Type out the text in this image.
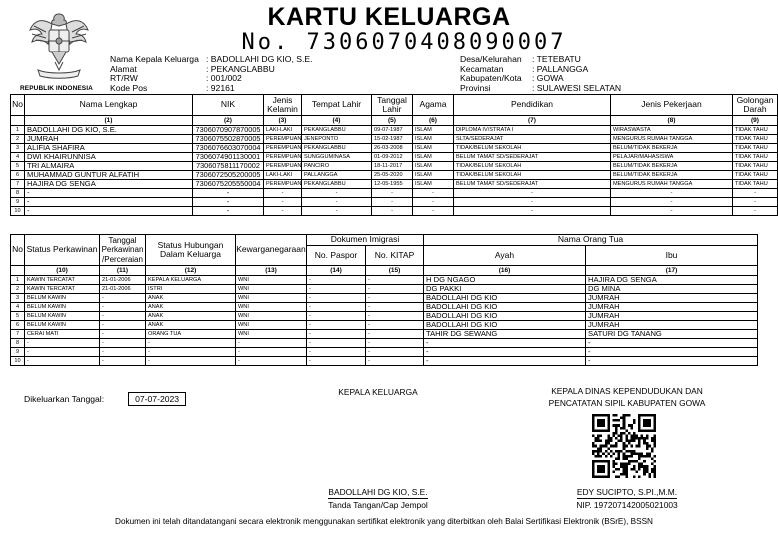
REPUBLIK INDONESIA
KARTU KELUARGA
No. 7306070408090007
Nama Kepala Keluarga : BADOLLAHI DG KIO, S.E.
Alamat	: PEKANGLABBU
RT/RW	: 001/002
Kode Pos	: 92161
Desa/Kelurahan	: TETEBATU
Kecamatan	: PALLANGGA
Kabupaten/Kota	: GOWA
Provinsi	: SULAWESI SELATAN
No	Nama Lengkap	NIK	Jenis Kelamin	Tempat Lahir	Tanggal Lahir	Agama	Pendidikan	Jenis Pekerjaan	Golongan Darah
	(1)	(2)	(3)	(4)	(5)	(6)	(7)	(8)	(9)
1	BADOLLAHI DG KIO, S.E.	7306070907870005	LAKI-LAKI	PEKANGLABBU	09-07-1987	ISLAM	DIPLOMA IV/STRATA I	WIRASWASTA	TIDAK TAHU
2	JUMRAH	7306075502870005	PEREMPUAN	JENEPONTO	15-02-1987	ISLAM	SLTA/SEDERAJAT	MENGURUS RUMAH TANGGA	TIDAK TAHU
3	ALIFIA SHAFIRA	7306076603070004	PEREMPUAN	PEKANGLABBU	26-03-2008	ISLAM	TIDAK/BELUM SEKOLAH	BELUM/TIDAK BEKERJA	TIDAK TAHU
4	DWI KHAIRUNNISA	7306074901130001	PEREMPUAN	SUNGGUMINASA	01-09-2012	ISLAM	BELUM TAMAT SD/SEDERAJAT	PELAJAR/MAHASISWA	TIDAK TAHU
5	TRI ALMAIRA	7306075811170002	PEREMPUAN	PANCIRO	18-11-2017	ISLAM	TIDAK/BELUM SEKOLAH	BELUM/TIDAK BEKERJA	TIDAK TAHU
6	MUHAMMAD GUNTUR ALFATIH	7306072505200005	LAKI-LAKI	PALLANGGA	25-05-2020	ISLAM	TIDAK/BELUM SEKOLAH	BELUM/TIDAK BEKERJA	TIDAK TAHU
7	HAJIRA DG SENGA	7306075205550004	PEREMPUAN	PEKANGLABBU	12-05-1955	ISLAM	BELUM TAMAT SD/SEDERAJAT	MENGURUS RUMAH TANGGA	TIDAK TAHU
8	-	-	-	-	-	-	-	-	-
9	-	-	-	-	-	-	-	-	-
10	-	-	-	-	-	-	-	-	-
No	Status Perkawinan	Tanggal Perkawinan /Perceraian	Status Hubungan Dalam Keluarga	Kewarganegaraan	Dokumen Imigrasi		Nama Orang Tua	
					No. Paspor	No. KITAP	Ayah	Ibu
	(10)	(11)	(12)	(13)	(14)	(15)	(16)	(17)
1	KAWIN TERCATAT	21-01-2006	KEPALA KELUARGA	WNI	-	-	H DG NGAGO	HAJIRA DG SENGA
2	KAWIN TERCATAT	21-01-2006	ISTRI	WNI	-	-	DG PAKKI	DG MINA
3	BELUM KAWIN	-	ANAK	WNI	-	-	BADOLLAHI DG KIO	JUMRAH
4	BELUM KAWIN	-	ANAK	WNI	-	-	BADOLLAHI DG KIO	JUMRAH
5	BELUM KAWIN	-	ANAK	WNI	-	-	BADOLLAHI DG KIO	JUMRAH
6	BELUM KAWIN	-	ANAK	WNI	-	-	BADOLLAHI DG KIO	JUMRAH
7	CERAI MATI	-	ORANG TUA	WNI	-	-	TAHIR DG SEWANG	SATURI DG TANANG
8	-	-	-	-	-	-	-	-
9	-	-	-	-	-	-	-	-
10	-	-	-	-	-	-	-	-
Dikeluarkan Tanggal:	07-07-2023
KEPALA KELUARGA	KEPALA DINAS KEPENDUDUKAN DAN
PENCATATAN SIPIL KABUPATEN GOWA
BADOLLAHI DG KIO, S.E.
Tanda Tangan/Cap Jempol
EDY SUCIPTO, S.PI.,M.M.
NIP. 197207142005021003
Dokumen ini telah ditandatangani secara elektronik menggunakan sertifikat elektronik yang diterbitkan oleh Balai Sertifikasi Elektronik (BSrE), BSSN
